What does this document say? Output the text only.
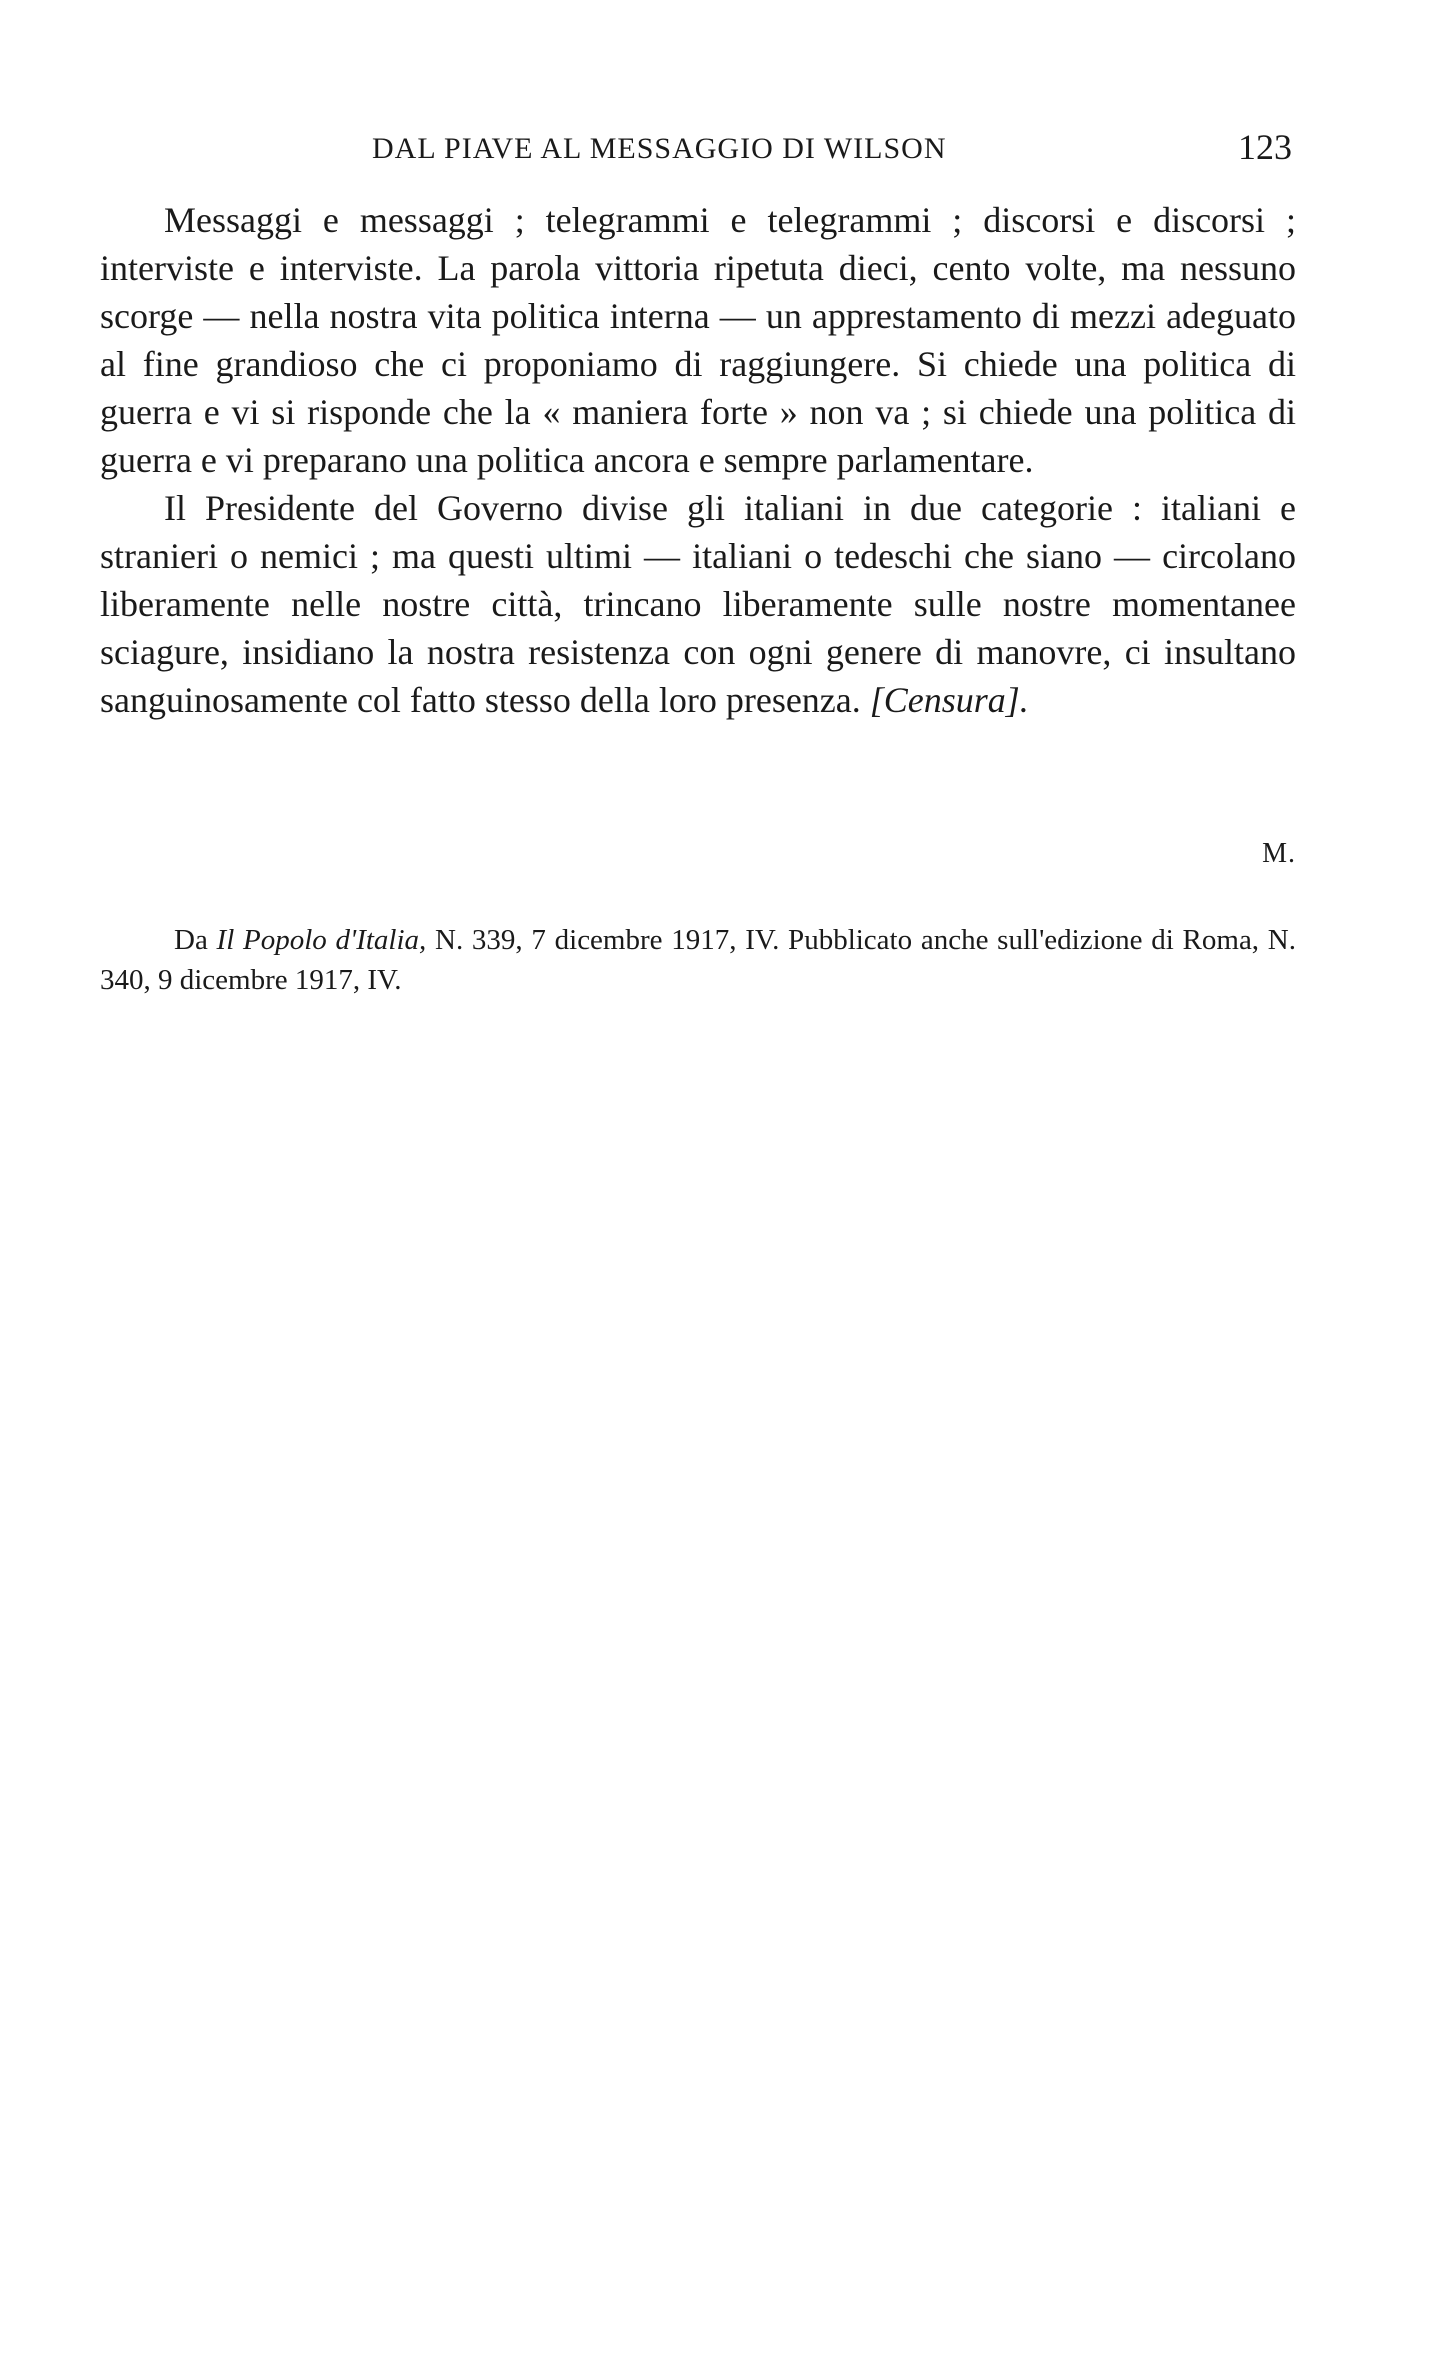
DAL PIAVE AL MESSAGGIO DI WILSON	123

Messaggi e messaggi ; telegrammi e telegrammi ; discorsi e discorsi ; interviste e interviste. La parola vittoria ripetuta dieci, cento volte, ma nessuno scorge — nella nostra vita politica interna — un apprestamento di mezzi adeguato al fine grandioso che ci proponiamo di raggiungere. Si chiede una politica di guerra e vi si risponde che la « maniera forte » non va ; si chiede una politica di guerra e vi preparano una politica ancora e sempre parlamentare.

Il Presidente del Governo divise gli italiani in due categorie : italiani e stranieri o nemici ; ma questi ultimi — italiani o tedeschi che siano — circolano liberamente nelle nostre città, trincano liberamente sulle nostre momentanee sciagure, insidiano la nostra resistenza con ogni genere di manovre, ci insultano sanguinosamente col fatto stesso della loro presenza. [Censura].

M.

Da Il Popolo d'Italia, N. 339, 7 dicembre 1917, IV. Pubblicato anche sull'edizione di Roma, N. 340, 9 dicembre 1917, IV.
